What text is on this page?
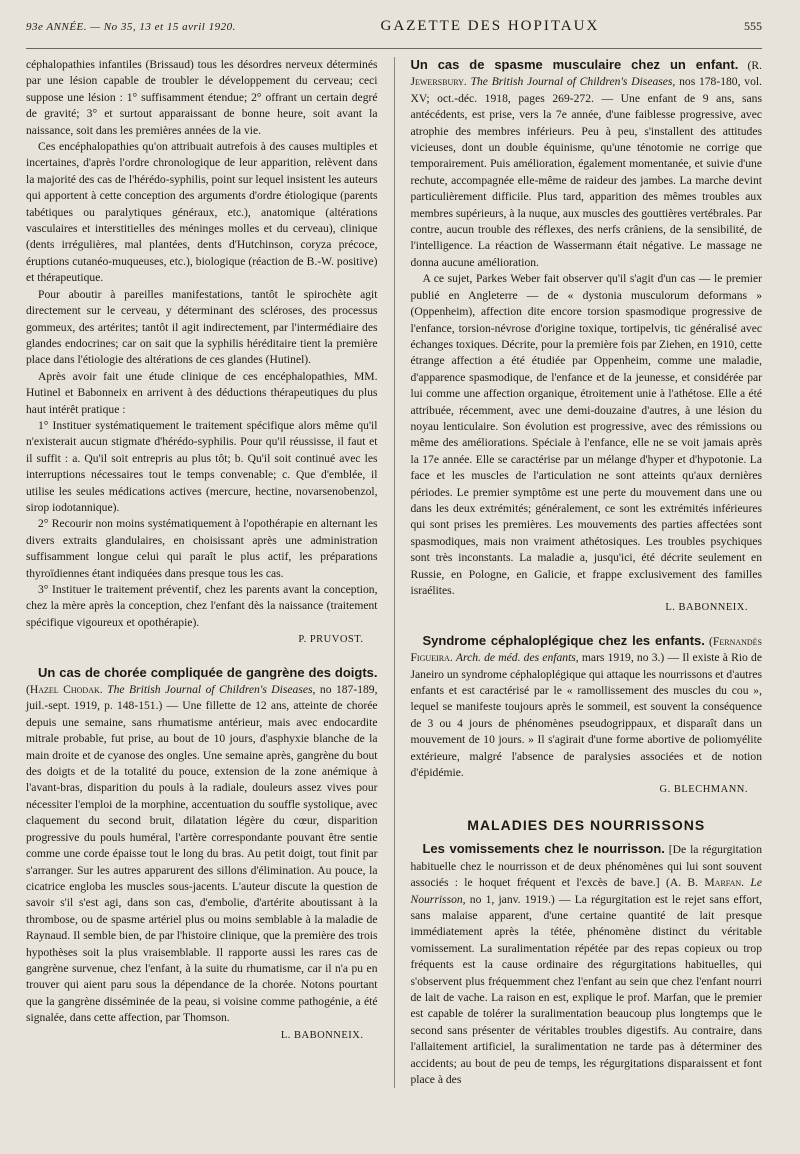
93e ANNÉE. — No 35, 13 et 15 avril 1920.	GAZETTE DES HOPITAUX	555

céphalopathies infantiles (Brissaud) tous les désordres nerveux déterminés par une lésion capable de troubler le développement du cerveau; ceci suppose une lésion : 1° suffisamment étendue; 2° offrant un certain degré de gravité; 3° et surtout apparaissant de bonne heure, soit avant la naissance, soit dans les premières années de la vie.

Ces encéphalopathies qu'on attribuait autrefois à des causes multiples et incertaines, d'après l'ordre chronologique de leur apparition, relèvent dans la majorité des cas de l'hérédo-syphilis, point sur lequel insistent les auteurs qui apportent à cette conception des arguments d'ordre étiologique (parents tabétiques ou paralytiques généraux, etc.), anatomique (altérations vasculaires et interstitielles des méninges molles et du cerveau), clinique (dents irrégulières, mal plantées, dents d'Hutchinson, coryza précoce, éruptions cutanéo-muqueuses, etc.), biologique (réaction de B.-W. positive) et thérapeutique.

Pour aboutir à pareilles manifestations, tantôt le spirochète agit directement sur le cerveau, y déterminant des scléroses, des processus gommeux, des artérites; tantôt il agit indirectement, par l'intermédiaire des glandes endocrines; car on sait que la syphilis héréditaire tient la première place dans l'étiologie des altérations de ces glandes (Hutinel).

Après avoir fait une étude clinique de ces encéphalopathies, MM. Hutinel et Babonneix en arrivent à des déductions thérapeutiques du plus haut intérêt pratique :

1° Instituer systématiquement le traitement spécifique alors même qu'il n'existerait aucun stigmate d'hérédo-syphilis. Pour qu'il réussisse, il faut et il suffit : a. Qu'il soit entrepris au plus tôt; b. Qu'il soit continué avec les interruptions nécessaires tout le temps convenable; c. Que d'emblée, il utilise les seules médications actives (mercure, hectine, novarsenobenzol, sirop iodotannique).

2° Recourir non moins systématiquement à l'opothérapie en alternant les divers extraits glandulaires, en choisissant après une administration suffisamment longue celui qui paraît le plus actif, les préparations thyroïdiennes étant indiquées dans presque tous les cas.

3° Instituer le traitement préventif, chez les parents avant la conception, chez la mère après la conception, chez l'enfant dès la naissance (traitement spécifique vigoureux et opothérapie).

P. PRUVOST.

Un cas de chorée compliquée de gangrène des doigts. (Hazel Chodak. The British Journal of Children's Diseases, no 187-189, juil.-sept. 1919, p. 148-151.) — Une fillette de 12 ans, atteinte de chorée depuis une semaine, sans rhumatisme antérieur, mais avec endocardite mitrale probable, fut prise, au bout de 10 jours, d'asphyxie blanche de la main droite et de cyanose des ongles. Une semaine après, gangrène du bout des doigts et de la totalité du pouce, extension de la zone anémique à l'avant-bras, disparition du pouls à la radiale, douleurs assez vives pour nécessiter l'emploi de la morphine, accentuation du souffle systolique, avec claquement du second bruit, dilatation légère du cœur, disparition progressive du pouls huméral, l'artère correspondante pouvant être sentie comme une corde épaisse tout le long du bras. Au petit doigt, tout finit par s'arranger. Sur les autres apparurent des sillons d'élimination. Au pouce, la cicatrice engloba les muscles sous-jacents. L'auteur discute la question de savoir s'il s'est agi, dans son cas, d'embolie, d'artérite aboutissant à la thrombose, ou de spasme artériel plus ou moins semblable à la maladie de Raynaud. Il semble bien, de par l'histoire clinique, que la première des trois hypothèses soit la plus vraisemblable. Il rapporte aussi les rares cas de gangrène survenue, chez l'enfant, à la suite du rhumatisme, car il n'a pu en trouver qui aient paru sous la dépendance de la chorée. Notons pourtant que la gangrène disséminée de la peau, si voisine comme pathogénie, a été signalée, dans cette affection, par Thomson.

L. BABONNEIX.

Un cas de spasme musculaire chez un enfant. (R. Jewersbury. The British Journal of Children's Diseases, nos 178-180, vol. XV; oct.-déc. 1918, pages 269-272. — Une enfant de 9 ans, sans antécédents, est prise, vers la 7e année, d'une faiblesse progressive, avec atrophie des membres inférieurs. Peu à peu, s'installent des attitudes vicieuses, dont un double équinisme, qu'une ténotomie ne corrige que temporairement. Puis amélioration, également momentanée, et suivie d'une rechute, accompagnée elle-même de raideur des jambes. La marche devint particulièrement difficile. Plus tard, apparition des mêmes troubles aux membres supérieurs, à la nuque, aux muscles des gouttières vertébrales. Par contre, aucun trouble des réflexes, des nerfs crâniens, de la sensibilité, de l'intelligence. La réaction de Wassermann était négative. Le massage ne donna aucune amélioration.

A ce sujet, Parkes Weber fait observer qu'il s'agit d'un cas — le premier publié en Angleterre — de « dystonia musculorum deformans » (Oppenheim), affection dite encore torsion spasmodique progressive de l'enfance, torsion-névrose d'origine toxique, tortipelvis, tic généralisé avec échanges toxiques. Décrite, pour la première fois par Ziehen, en 1910, cette étrange affection a été étudiée par Oppenheim, comme une maladie, d'apparence spasmodique, de l'enfance et de la jeunesse, et considérée par lui comme une affection organique, étroitement unie à l'athétose. Elle a été attribuée, récemment, avec une demi-douzaine d'autres, à une lésion du noyau lenticulaire. Son évolution est progressive, avec des rémissions ou même des améliorations. Spéciale à l'enfance, elle ne se voit jamais après la 17e année. Elle se caractérise par un mélange d'hyper et d'hypotonie. La face et les muscles de l'articulation ne sont atteints qu'aux dernières périodes. Le premier symptôme est une perte du mouvement dans une ou dans les deux extrémités; généralement, ce sont les extrémités inférieures qui sont prises les premières. Les mouvements des parties affectées sont spasmodiques, mais non vraiment athétosiques. Les troubles psychiques sont très inconstants. La maladie a, jusqu'ici, été décrite seulement en Russie, en Pologne, en Galicie, et frappe exclusivement des familles israélites.

L. BABONNEIX.

Syndrome céphaloplégique chez les enfants. (Fernandès Figueira. Arch. de méd. des enfants, mars 1919, no 3.) — Il existe à Rio de Janeiro un syndrome céphaloplégique qui attaque les nourrissons et d'autres enfants et est caractérisé par le « ramollissement des muscles du cou », lequel se manifeste toujours après le sommeil, est souvent la conséquence de 3 ou 4 jours de phénomènes pseudogrippaux, et disparaît dans un mouvement de 10 jours. » Il s'agirait d'une forme abortive de poliomyélite extérieure, malgré l'absence de paralysies associées et de notion d'épidémie.

G. BLECHMANN.
MALADIES DES NOURRISSONS

Les vomissements chez le nourrisson. [De la régurgitation habituelle chez le nourrisson et de deux phénomènes qui lui sont souvent associés : le hoquet fréquent et l'excès de bave.] (A. B. Marfan. Le Nourrisson, no 1, janv. 1919.) — La régurgitation est le rejet sans effort, sans malaise apparent, d'une certaine quantité de lait presque immédiatement après la tétée, phénomène distinct du véritable vomissement. La suralimentation répétée par des repas copieux ou trop fréquents est la cause ordinaire des régurgitations habituelles, qui s'observent plus fréquemment chez l'enfant au sein que chez l'enfant nourri de lait de vache. La raison en est, explique le prof. Marfan, que le premier est capable de tolérer la suralimentation beaucoup plus longtemps que le second sans présenter de véritables troubles digestifs. Au contraire, dans l'allaitement artificiel, la suralimentation ne tarde pas à déterminer des accidents; au bout de peu de temps, les régurgitations disparaissent et font place à des
